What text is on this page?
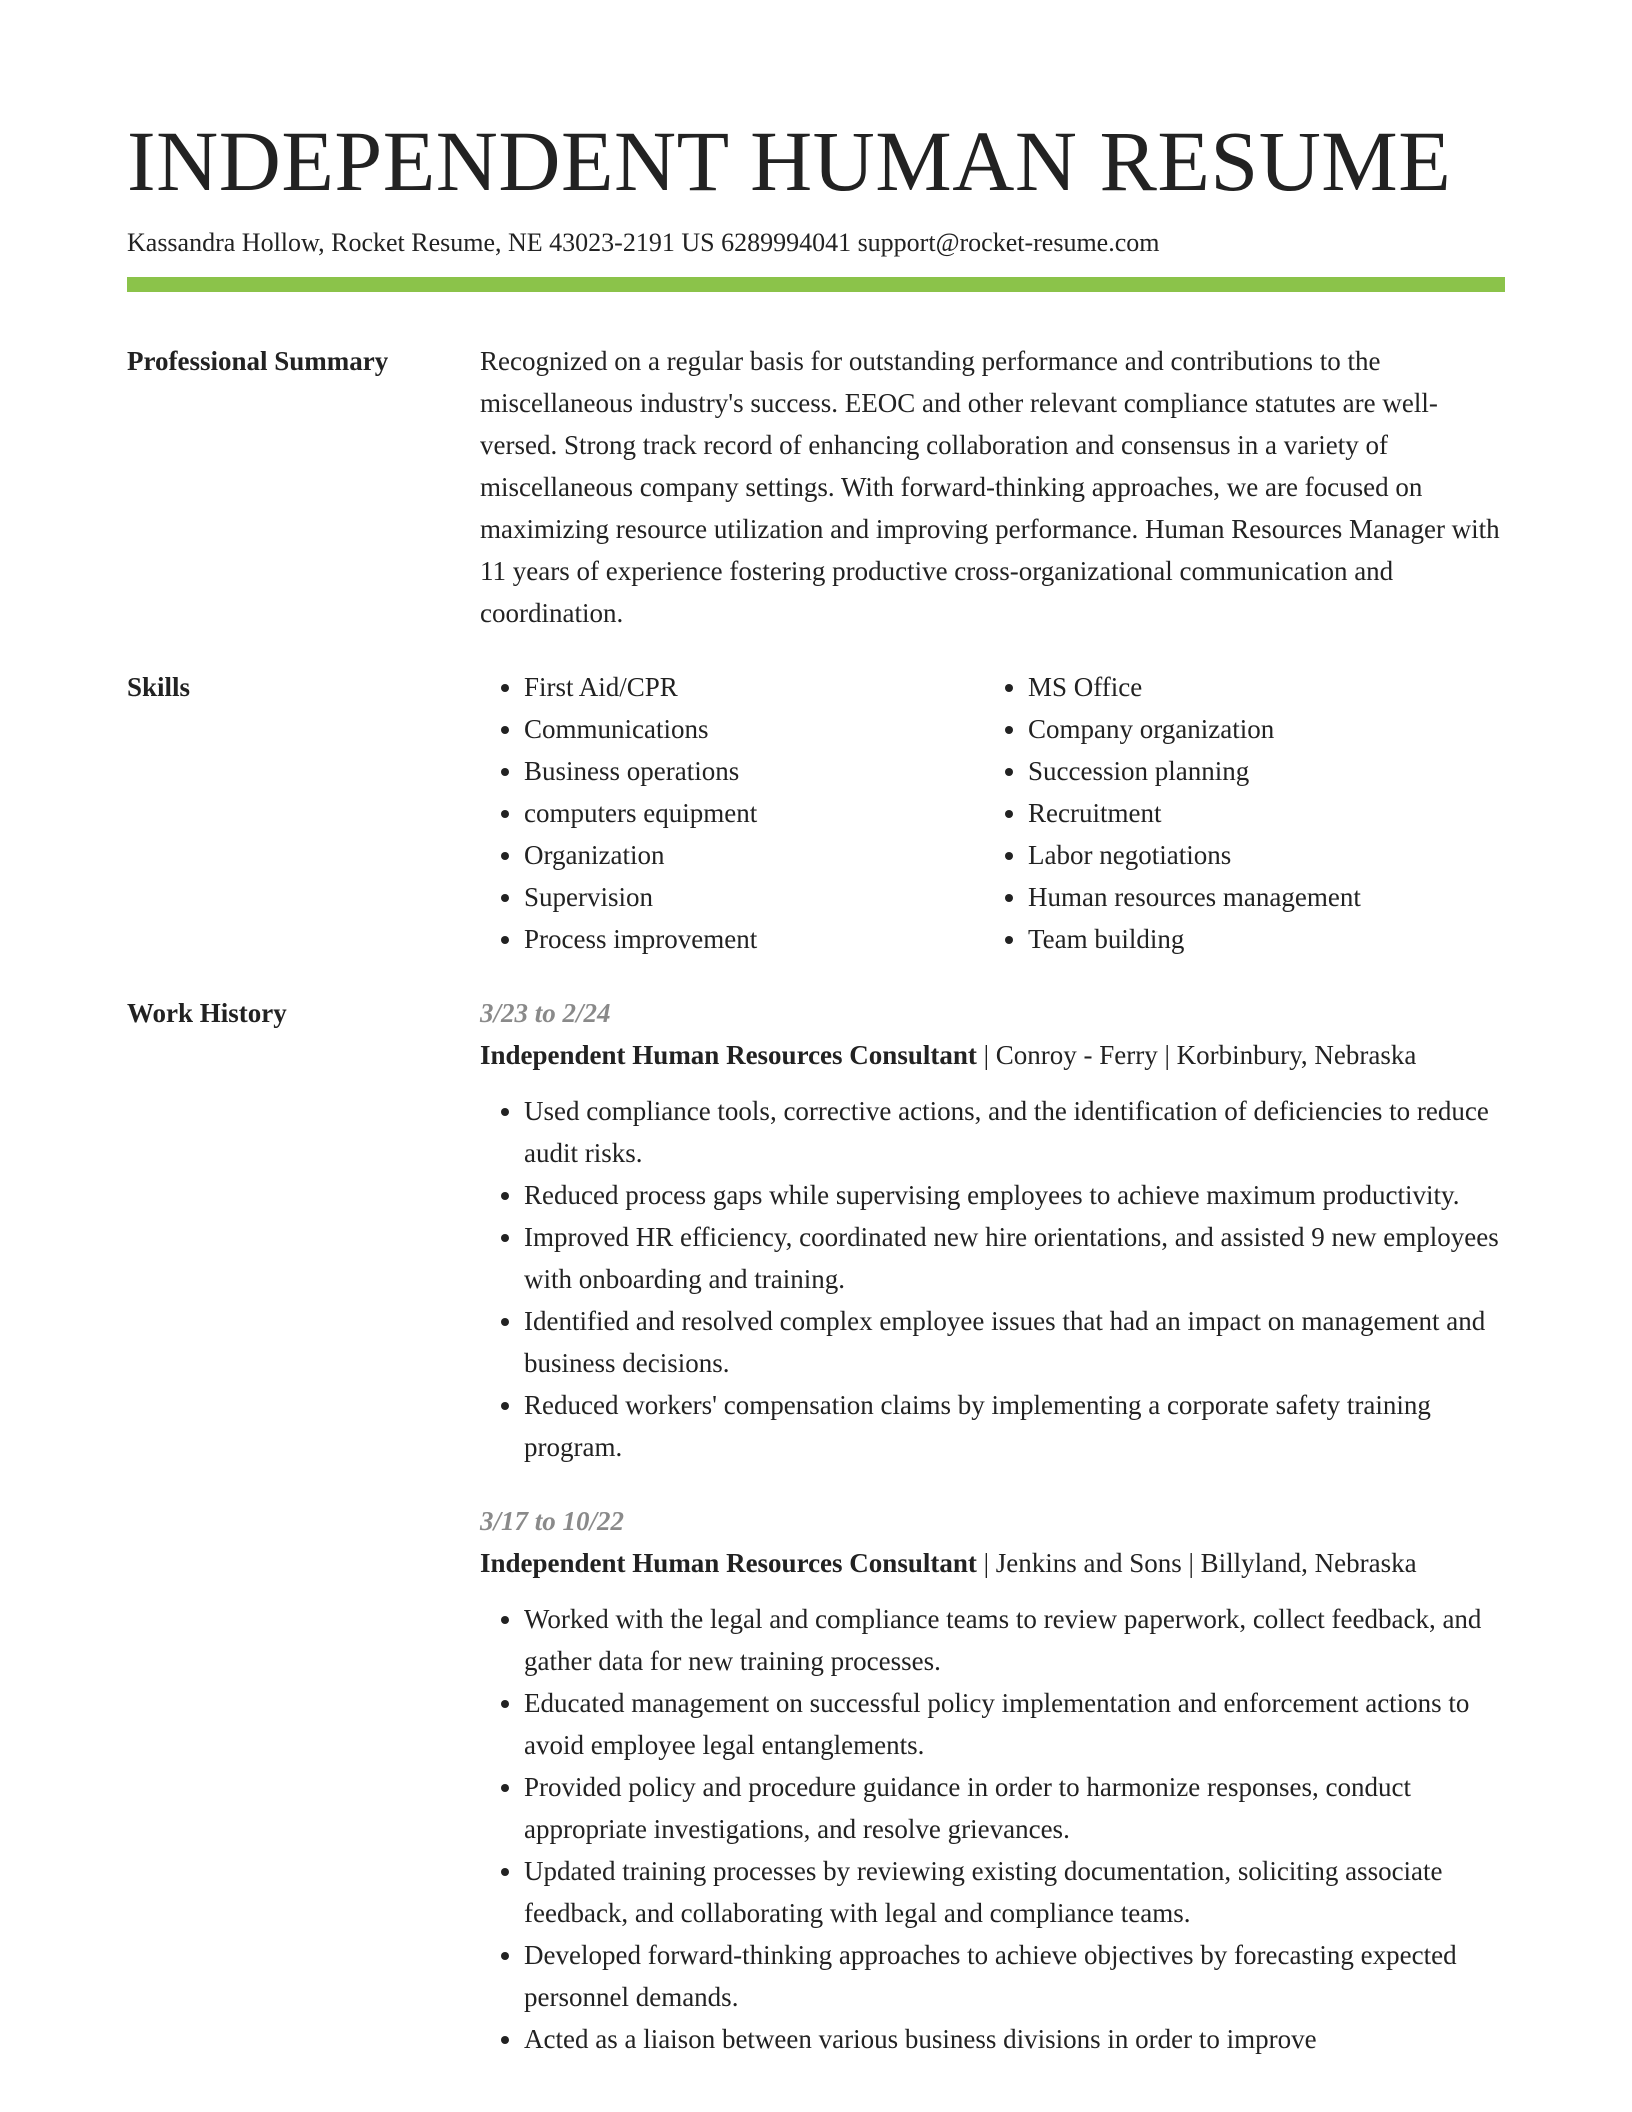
INDEPENDENT HUMAN RESUME
Kassandra Hollow, Rocket Resume, NE 43023-2191 US 6289994041 support@rocket-resume.com
Professional Summary	Recognized on a regular basis for outstanding performance and contributions to the miscellaneous industry's success. EEOC and other relevant compliance statutes are well-versed. Strong track record of enhancing collaboration and consensus in a variety of miscellaneous company settings. With forward-thinking approaches, we are focused on maximizing resource utilization and improving performance. Human Resources Manager with 11 years of experience fostering productive cross-organizational communication and coordination.
Skills
•	First Aid/CPR
• Communications
• Business operations
• computers equipment
• Organization
• Supervision
• Process improvement
• MS Office
• Company organization
• Succession planning
• Recruitment
• Labor negotiations
• Human resources management
• Team building
Work History	3/23 to 2/24
Independent Human Resources Consultant | Conroy - Ferry | Korbinbury, Nebraska
• Used compliance tools, corrective actions, and the identification of deficiencies to reduce audit risks.
• Reduced process gaps while supervising employees to achieve maximum productivity.
• Improved HR efficiency, coordinated new hire orientations, and assisted 9 new employees with onboarding and training.
• Identified and resolved complex employee issues that had an impact on management and business decisions.
• Reduced workers' compensation claims by implementing a corporate safety training program.
3/17 to 10/22
Independent Human Resources Consultant | Jenkins and Sons | Billyland, Nebraska
• Worked with the legal and compliance teams to review paperwork, collect feedback, and gather data for new training processes.
• Educated management on successful policy implementation and enforcement actions to avoid employee legal entanglements.
• Provided policy and procedure guidance in order to harmonize responses, conduct appropriate investigations, and resolve grievances.
• Updated training processes by reviewing existing documentation, soliciting associate feedback, and collaborating with legal and compliance teams.
• Developed forward-thinking approaches to achieve objectives by forecasting expected personnel demands.
• Acted as a liaison between various business divisions in order to improve
